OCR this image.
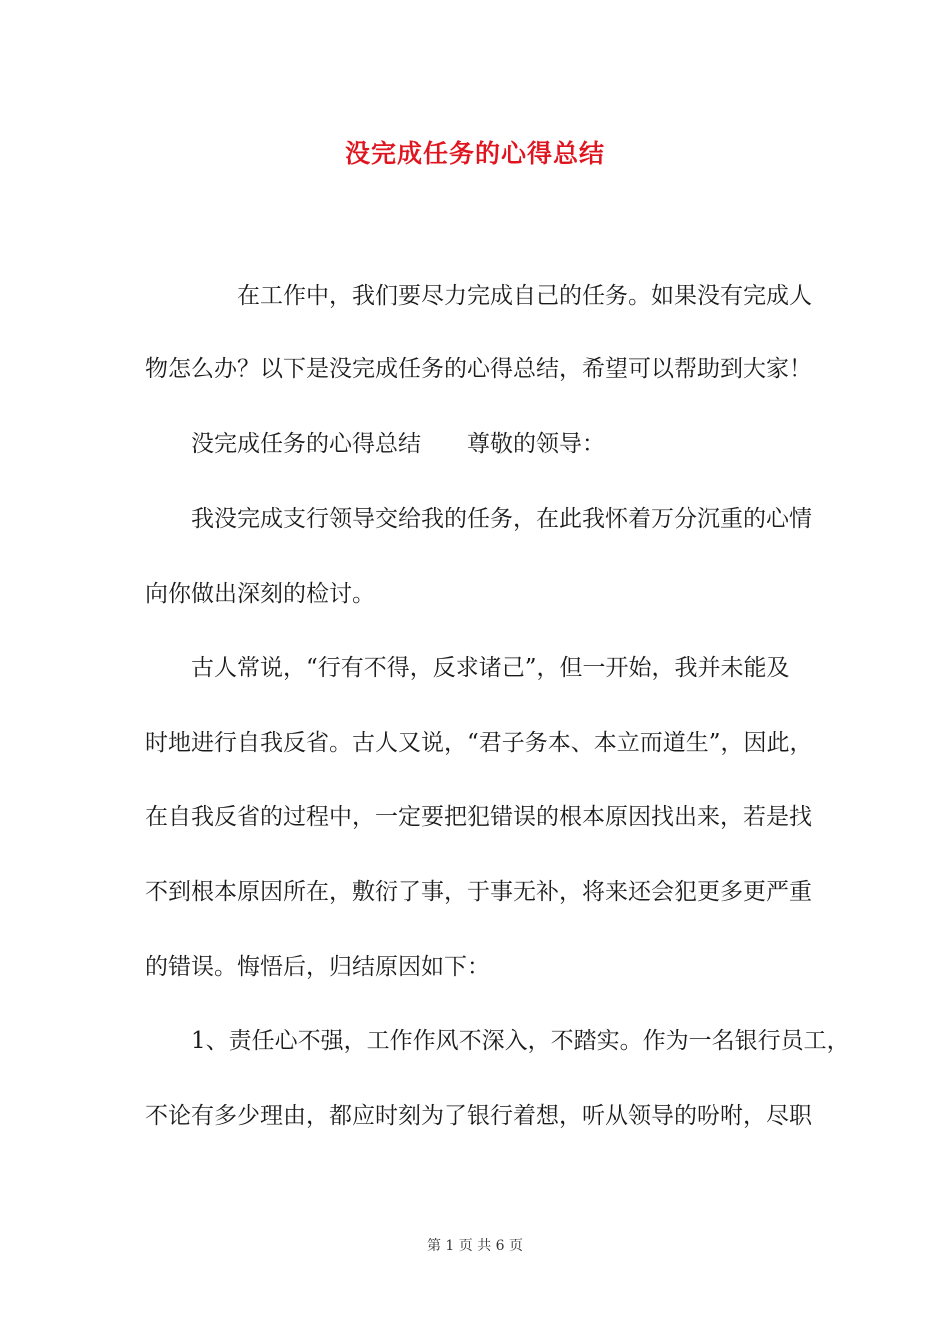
没完成任务的心得总结
　　　　在工作中，我们要尽力完成自己的任务。如果没有完成人
物怎么办？以下是没完成任务的心得总结，希望可以帮助到大家！
　　没完成任务的心得总结　　尊敬的领导：
　　我没完成支行领导交给我的任务，在此我怀着万分沉重的心情
向你做出深刻的检讨。
　　古人常说，“行有不得，反求诸己”，但一开始，我并未能及
时地进行自我反省。古人又说，“君子务本、本立而道生”，因此，
在自我反省的过程中，一定要把犯错误的根本原因找出来，若是找
不到根本原因所在，敷衍了事，于事无补，将来还会犯更多更严重
的错误。悔悟后，归结原因如下：
　　1、责任心不强，工作作风不深入，不踏实。作为一名银行员工，
不论有多少理由，都应时刻为了银行着想，听从领导的吩咐，尽职
第 1 页 共 6 页
